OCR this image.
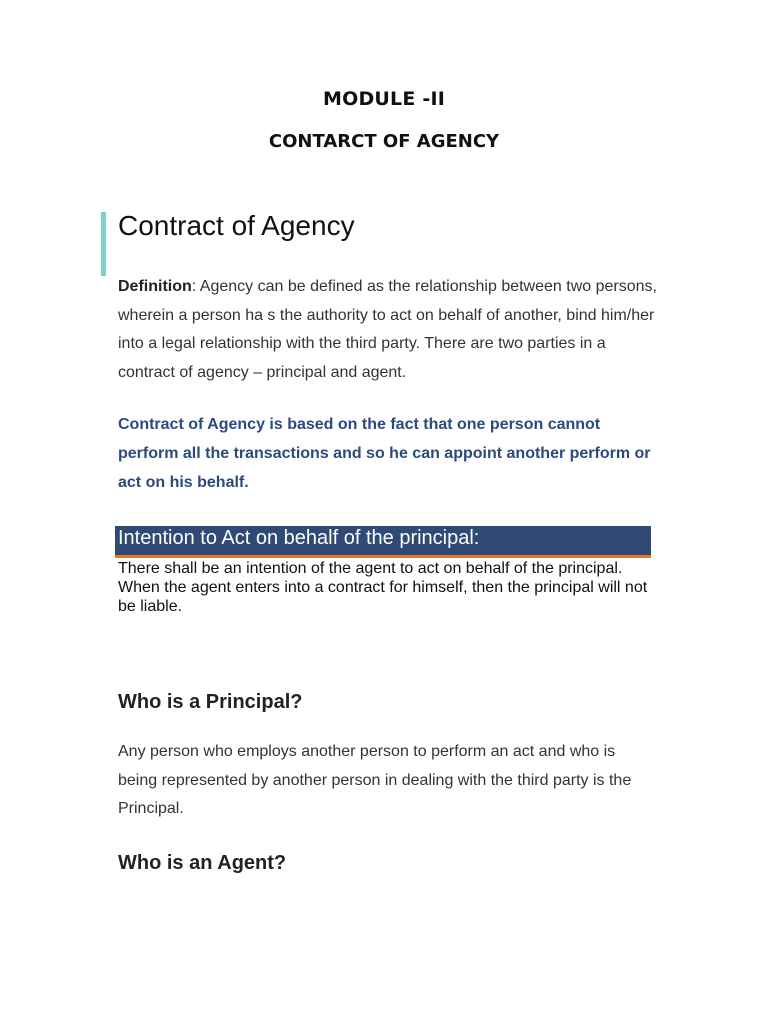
MODULE -II
CONTARCT OF AGENCY
Contract of Agency

Definition: Agency can be defined as the relationship between two persons, wherein a person ha s the authority to act on behalf of another, bind him/her into a legal relationship with the third party. There are two parties in a contract of agency – principal and agent.

Contract of Agency is based on the fact that one person cannot perform all the transactions and so he can appoint another perform or act on his behalf.

Intention to Act on behalf of the principal:

There shall be an intention of the agent to act on behalf of the principal. When the agent enters into a contract for himself, then the principal will not be liable.

Who is a Principal?

Any person who employs another person to perform an act and who is being represented by another person in dealing with the third party is the Principal.

Who is an Agent?
